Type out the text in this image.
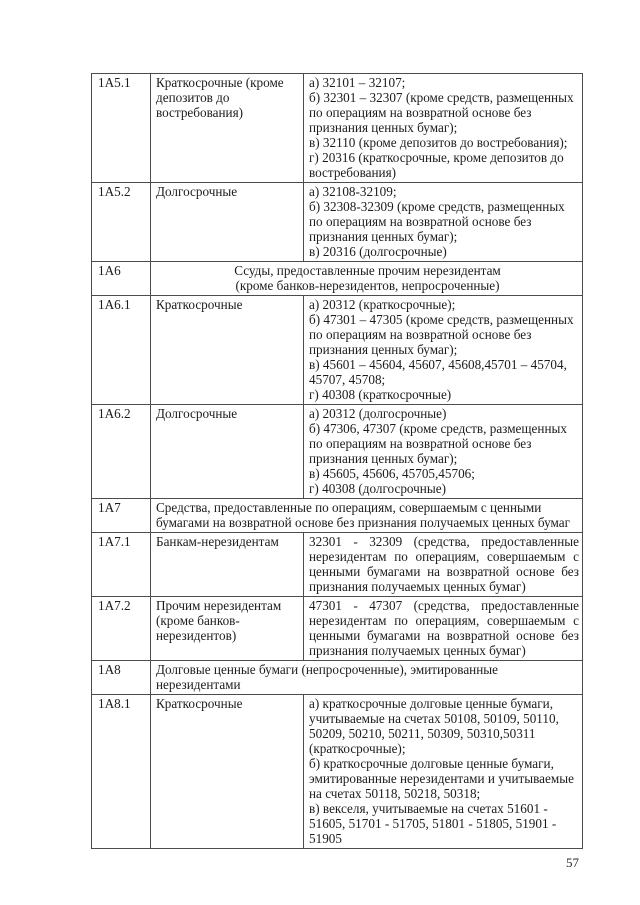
1A5.1	Краткосрочные (кроме депозитов до востребования)	а) 32101 – 32107;
б) 32301 – 32307 (кроме средств, размещенных по операциям на возвратной основе без признания ценных бумаг);
в) 32110 (кроме депозитов до востребования);
г) 20316 (краткосрочные, кроме депозитов до востребования)

1A5.2	Долгосрочные	а) 32108-32109;
б) 32308-32309 (кроме средств, размещенных по операциям на возвратной основе без признания ценных бумаг);
в) 20316 (долгосрочные)

1A6	Ссуды, предоставленные прочим нерезидентам
(кроме банков-нерезидентов, непросроченные)	
1A6.1	Краткосрочные	а) 20312 (краткосрочные);
б) 47301 – 47305 (кроме средств, размещенных по операциям на возвратной основе без признания ценных бумаг);
в) 45601 – 45604, 45607, 45608,45701 – 45704, 45707, 45708;
г) 40308 (краткосрочные)

1A6.2	Долгосрочные	а) 20312 (долгосрочные)
б) 47306, 47307 (кроме средств, размещенных по операциям на возвратной основе без признания ценных бумаг);
в) 45605, 45606, 45705,45706;
г) 40308 (долгосрочные)

1A7	Средства, предоставленные по операциям, совершаемым с ценными
бумагами на возвратной основе без признания получаемых ценных бумаг	
1A7.1	Банкам-нерезидентам	32301 - 32309 (средства, предоставленные нерезидентам по операциям, совершаемым с ценными бумагами на возвратной основе без признания получаемых ценных бумаг)

1A7.2	Прочим нерезидентам (кроме банков-нерезидентов)	47301 - 47307 (средства, предоставленные нерезидентам по операциям, совершаемым с ценными бумагами на возвратной основе без признания получаемых ценных бумаг)

1A8	Долговые ценные бумаги (непросроченные), эмитированные нерезидентами	
1A8.1	Краткосрочные	а) краткосрочные долговые ценные бумаги, учитываемые на счетах 50108, 50109, 50110, 50209, 50210, 50211, 50309, 50310,50311 (краткосрочные);
б) краткосрочные долговые ценные бумаги, эмитированные нерезидентами и учитываемые на счетах 50118, 50218, 50318;
в) векселя, учитываемые на счетах 51601 - 51605, 51701 - 51705, 51801 - 51805, 51901 - 51905
57
